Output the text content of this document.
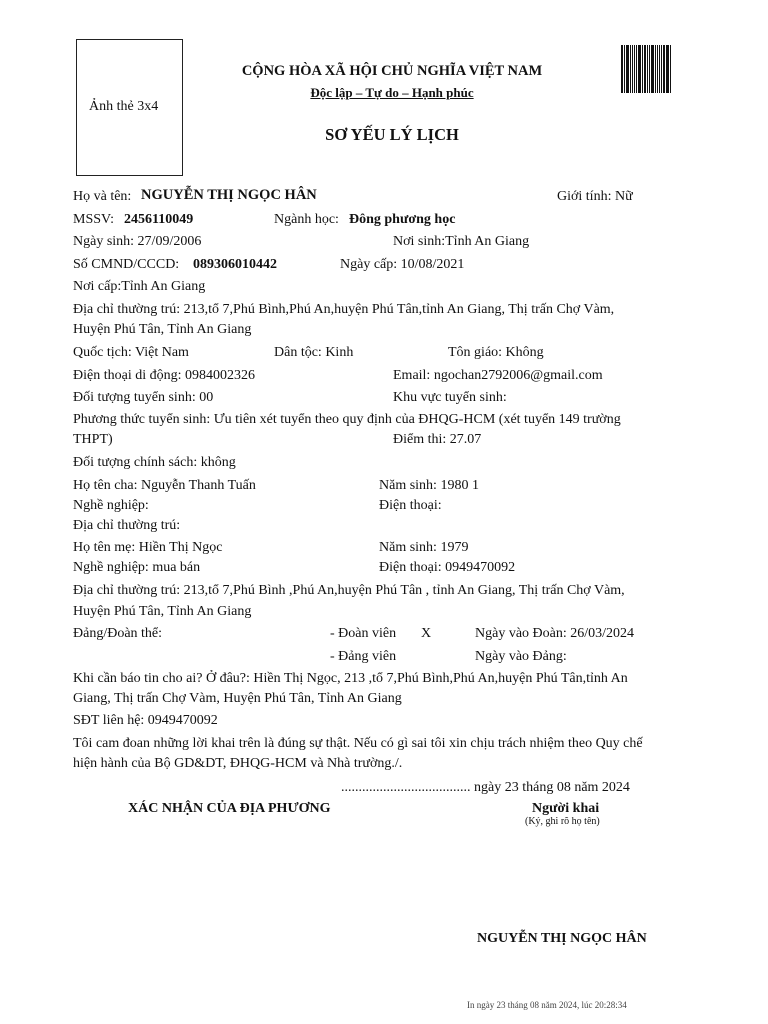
Ảnh thẻ 3x4
CỘNG HÒA XÃ HỘI CHỦ NGHĨA VIỆT NAM
Độc lập – Tự do – Hạnh phúc
SƠ YẾU LÝ LỊCH
Họ và tên: NGUYỄN THỊ NGỌC HÂN	Giới tính: Nữ
MSSV: 2456110049	Ngành học: Đông phương học
Ngày sinh: 27/09/2006	Nơi sinh:Tỉnh An Giang
Số CMND/CCCD: 089306010442	Ngày cấp: 10/08/2021
Nơi cấp:Tỉnh An Giang
Địa chỉ thường trú: 213,tổ 7,Phú Bình,Phú An,huyện Phú Tân,tỉnh An Giang, Thị trấn Chợ Vàm,
Huyện Phú Tân, Tỉnh An Giang
Quốc tịch: Việt Nam	Dân tộc: Kinh	Tôn giáo: Không
Điện thoại di động: 0984002326	Email: ngochan2792006@gmail.com
Đối tượng tuyển sinh: 00	Khu vực tuyển sinh:
Phương thức tuyển sinh: Ưu tiên xét tuyển theo quy định của ĐHQG-HCM (xét tuyển 149 trường
THPT)	Điểm thi: 27.07
Đối tượng chính sách: không
Họ tên cha: Nguyễn Thanh Tuấn	Năm sinh: 1980 1
Nghề nghiệp:	Điện thoại:
Địa chỉ thường trú:
Họ tên mẹ: Hiền Thị Ngọc	Năm sinh: 1979
Nghề nghiệp: mua bán	Điện thoại: 0949470092
Địa chỉ thường trú: 213,tổ 7,Phú Bình ,Phú An,huyện Phú Tân , tỉnh An Giang, Thị trấn Chợ Vàm,
Huyện Phú Tân, Tỉnh An Giang
Đảng/Đoàn thể:	- Đoàn viên X	Ngày vào Đoàn: 26/03/2024
- Đảng viên	Ngày vào Đảng:
Khi cần báo tin cho ai? Ở đâu?: Hiền Thị Ngọc, 213 ,tổ 7,Phú Bình,Phú An,huyện Phú Tân,tỉnh An
Giang, Thị trấn Chợ Vàm, Huyện Phú Tân, Tỉnh An Giang
SĐT liên hệ: 0949470092
Tôi cam đoan những lời khai trên là đúng sự thật. Nếu có gì sai tôi xin chịu trách nhiệm theo Quy chế
hiện hành của Bộ GD&DT, ĐHQG-HCM và Nhà trường./.
..................................... ngày 23 tháng 08 năm 2024
XÁC NHẬN CỦA ĐỊA PHƯƠNG	Người khai
(Ký, ghi rõ họ tên)
NGUYỄN THỊ NGỌC HÂN
In ngày 23 tháng 08 năm 2024, lúc 20:28:34
